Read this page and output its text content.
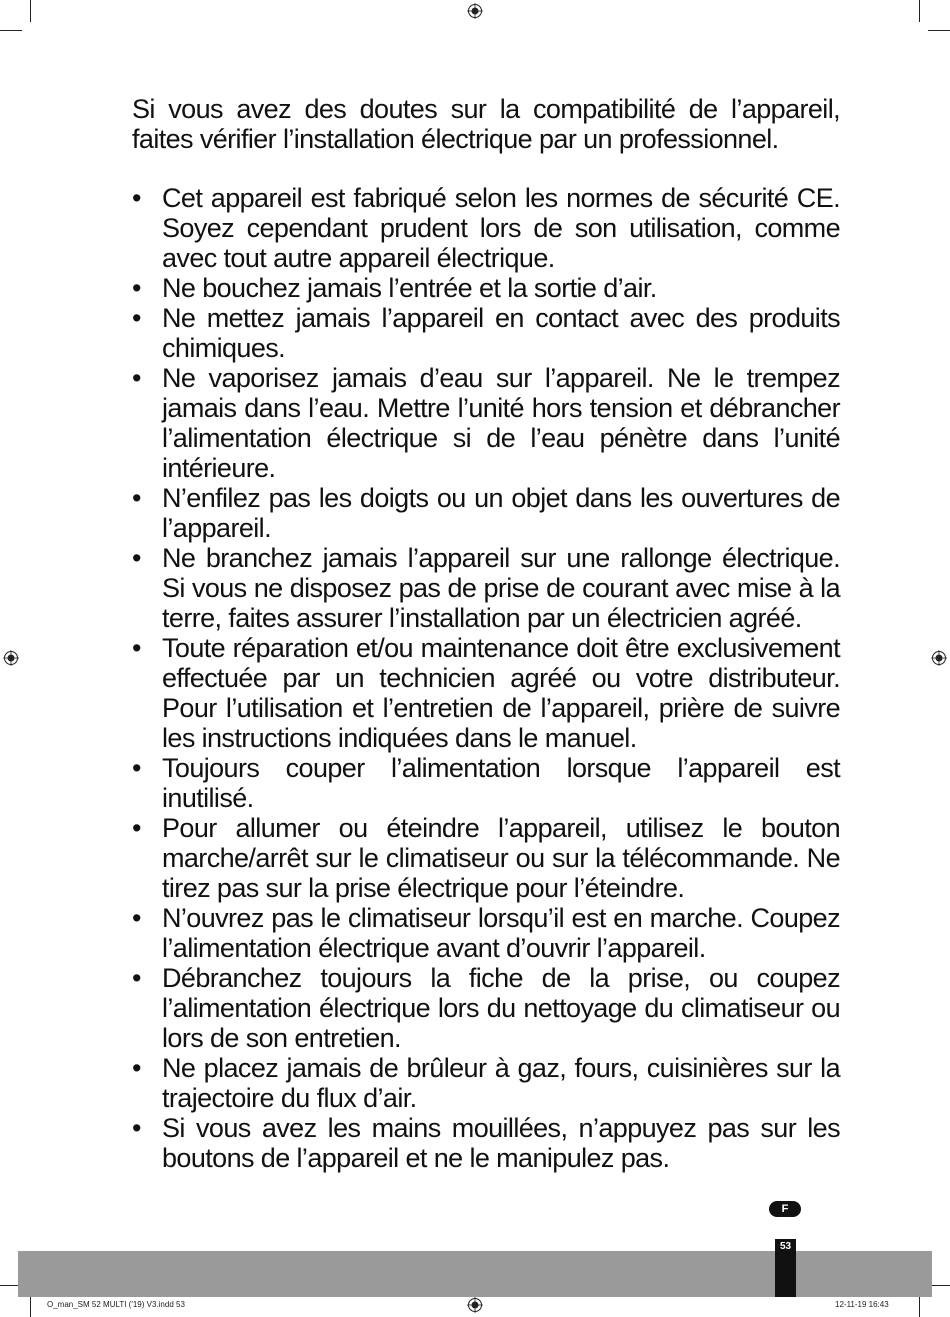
Si vous avez des doutes sur la compatibilité de l’appareil, faites vérifier l’installation électrique par un professionnel.

• Cet appareil est fabriqué selon les normes de sécurité CE. Soyez cependant prudent lors de son utilisation, comme avec tout autre appareil électrique.
• Ne bouchez jamais l’entrée et la sortie d’air.
• Ne mettez jamais l’appareil en contact avec des produits chimiques.
• Ne vaporisez jamais d’eau sur l’appareil. Ne le trempez jamais dans l’eau. Mettre l’unité hors tension et débrancher l’alimentation électrique si de l’eau pénètre dans l’unité intérieure.
• N’enfilez pas les doigts ou un objet dans les ouvertures de l’appareil.
• Ne branchez jamais l’appareil sur une rallonge électrique. Si vous ne disposez pas de prise de courant avec mise à la terre, faites assurer l’installation par un électricien agréé.
• Toute réparation et/ou maintenance doit être exclusivement effectuée par un technicien agréé ou votre distributeur. Pour l’utilisation et l’entretien de l’appareil, prière de suivre les instructions indiquées dans le manuel.
• Toujours couper l’alimentation lorsque l’appareil est inutilisé.
• Pour allumer ou éteindre l’appareil, utilisez le bouton marche/arrêt sur le climatiseur ou sur la télécommande. Ne tirez pas sur la prise électrique pour l’éteindre.
• N’ouvrez pas le climatiseur lorsqu’il est en marche. Coupez l’alimentation électrique avant d’ouvrir l’appareil.
• Débranchez toujours la fiche de la prise, ou coupez l’alimentation électrique lors du nettoyage du climatiseur ou lors de son entretien.
• Ne placez jamais de brûleur à gaz, fours, cuisinières sur la trajectoire du flux d’air.
• Si vous avez les mains mouillées, n’appuyez pas sur les boutons de l’appareil et ne le manipulez pas.
F
53
O_man_SM 52 MULTI ('19) V3.indd 53	12-11-19 16:43
